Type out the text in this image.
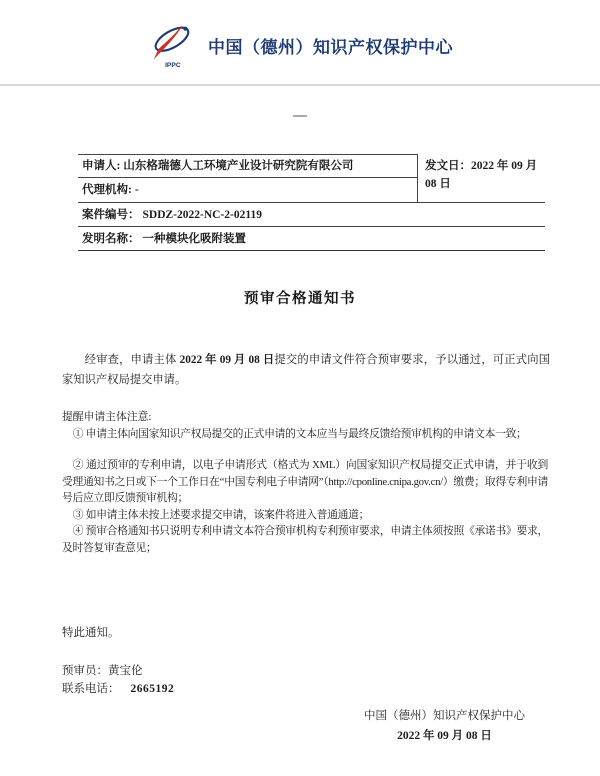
IPPC
中国（德州）知识产权保护中心
申请人: 山东格瑞德人工环境产业设计研究院有限公司
代理机构: -
发文日：2022 年 09 月 08 日
案件编号： SDDZ-2022-NC-2-02119
发明名称： 一种模块化吸附装置
预审合格通知书

经审查，申请主体 2022 年 09 月 08 日提交的申请文件符合预审要求，予以通过，可正式向国家知识产权局提交申请。

提醒申请主体注意:

① 申请主体向国家知识产权局提交的正式申请的文本应当与最终反馈给预审机构的申请文本一致；

② 通过预审的专利申请，以电子申请形式（格式为 XML）向国家知识产权局提交正式申请，并于收到受理通知书之日或下一个工作日在“中国专利电子申请网”（http://cponline.cnipa.gov.cn/）缴费；取得专利申请号后应立即反馈预审机构；

③ 如申请主体未按上述要求提交申请，该案件将进入普通通道；

④ 预审合格通知书只说明专利申请文本符合预审机构专利预审要求，申请主体须按照《承诺书》要求，及时答复审查意见；

特此通知。
预审员：黄宝伦
联系电话： 2665192
中国（德州）知识产权保护中心
2022 年 09 月 08 日
